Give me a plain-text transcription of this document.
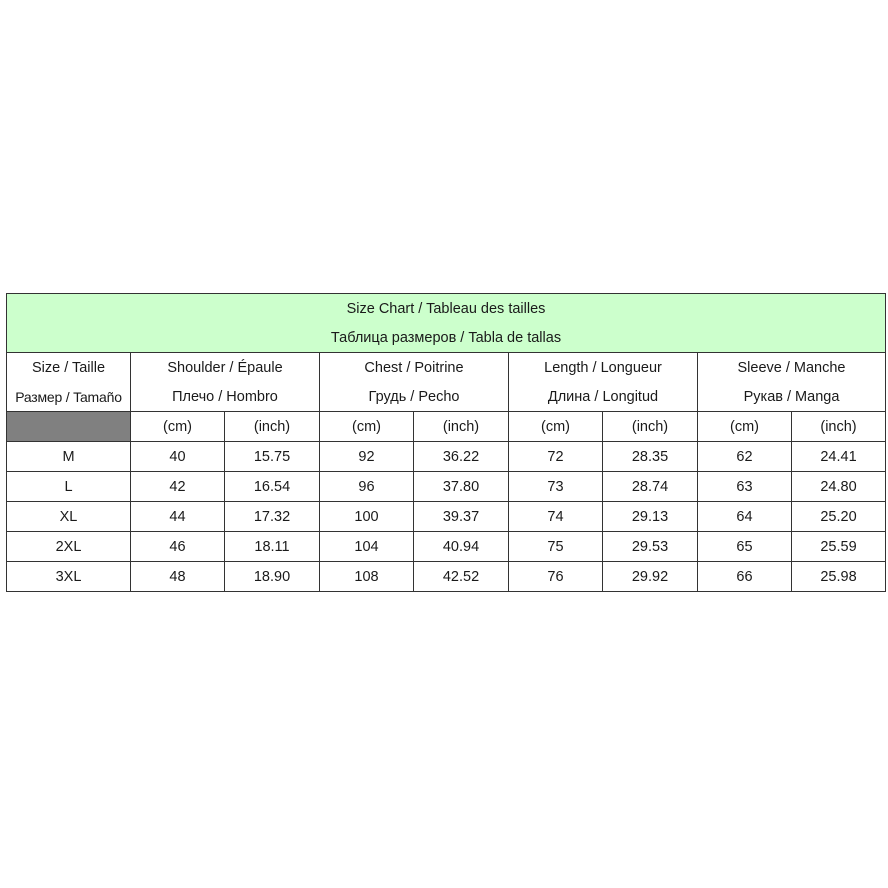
Size Chart / Tableau des tailles								
Таблица размеров / Tabla de tallas								
Size / Taille	Shoulder / Épaule		Chest / Poitrine		Length / Longueur		Sleeve / Manche	
Размер / Tamaño	Плечо / Hombro		Грудь / Pecho		Длина / Longitud		Рукав / Manga	
	(cm)	(inch)	(cm)	(inch)	(cm)	(inch)	(cm)	(inch)
M	40	15.75	92	36.22	72	28.35	62	24.41
L	42	16.54	96	37.80	73	28.74	63	24.80
XL	44	17.32	100	39.37	74	29.13	64	25.20
2XL	46	18.11	104	40.94	75	29.53	65	25.59
3XL	48	18.90	108	42.52	76	29.92	66	25.98
